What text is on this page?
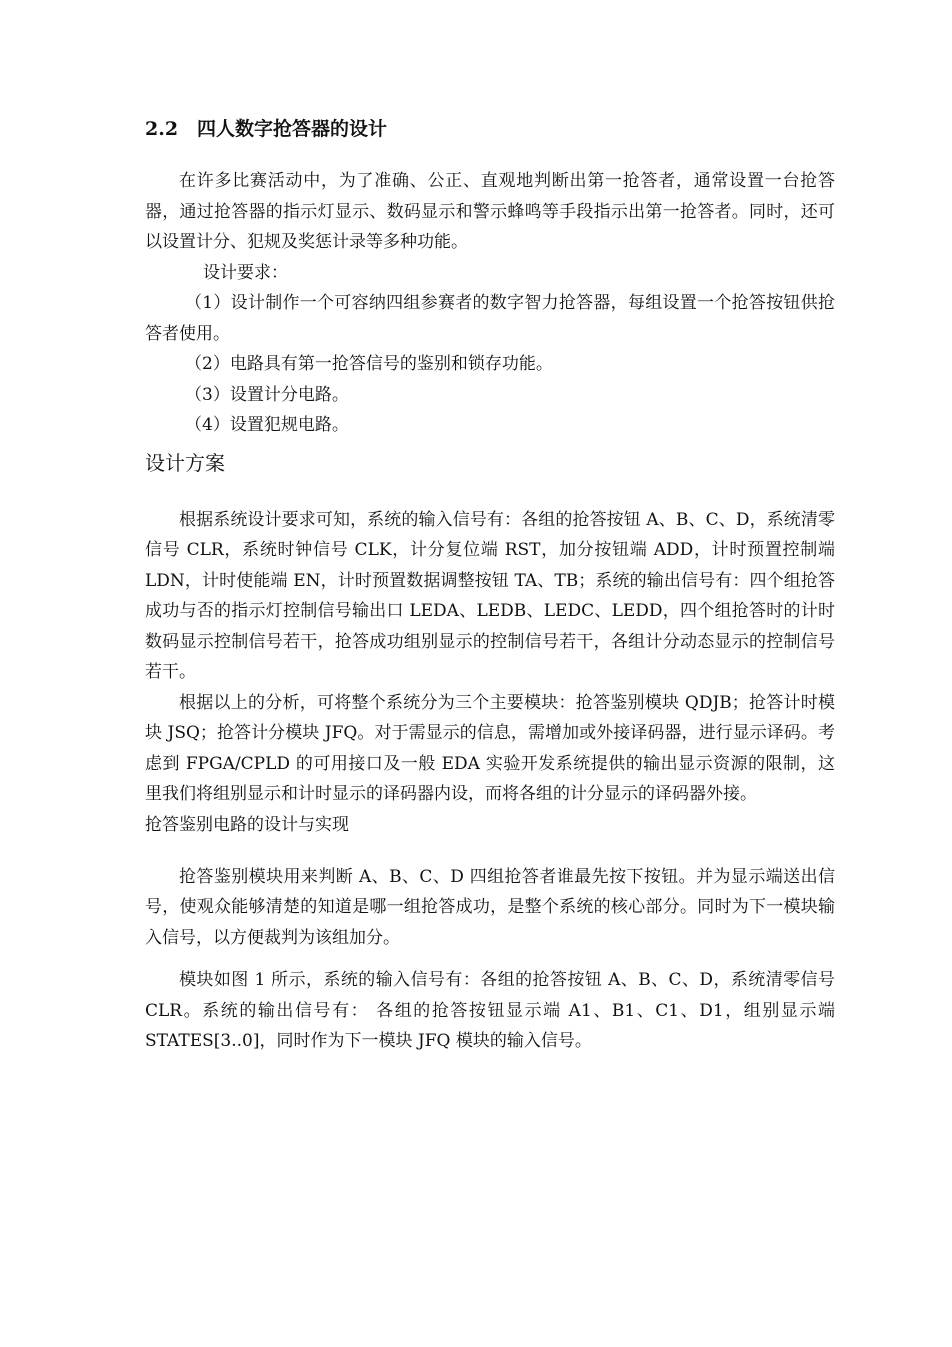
2.2 四人数字抢答器的设计

在许多比赛活动中，为了准确、公正、直观地判断出第一抢答者，通常设置一台抢答器，通过抢答器的指示灯显示、数码显示和警示蜂鸣等手段指示出第一抢答者。同时，还可以设置计分、犯规及奖惩计录等多种功能。

设计要求：

（1）设计制作一个可容纳四组参赛者的数字智力抢答器，每组设置一个抢答按钮供抢答者使用。

（2）电路具有第一抢答信号的鉴别和锁存功能。

（3）设置计分电路。

（4）设置犯规电路。

设计方案

根据系统设计要求可知，系统的输入信号有：各组的抢答按钮 A、B、C、D，系统清零信号 CLR，系统时钟信号 CLK，计分复位端 RST，加分按钮端 ADD，计时预置控制端 LDN，计时使能端 EN，计时预置数据调整按钮 TA、TB；系统的输出信号有：四个组抢答成功与否的指示灯控制信号输出口 LEDA、LEDB、LEDC、LEDD，四个组抢答时的计时数码显示控制信号若干，抢答成功组别显示的控制信号若干，各组计分动态显示的控制信号若干。

根据以上的分析，可将整个系统分为三个主要模块：抢答鉴别模块 QDJB；抢答计时模块 JSQ；抢答计分模块 JFQ。对于需显示的信息，需增加或外接译码器，进行显示译码。考虑到 FPGA/CPLD 的可用接口及一般 EDA 实验开发系统提供的输出显示资源的限制，这里我们将组别显示和计时显示的译码器内设，而将各组的计分显示的译码器外接。

抢答鉴别电路的设计与实现

抢答鉴别模块用来判断 A、B、C、D 四组抢答者谁最先按下按钮。并为显示端送出信号，使观众能够清楚的知道是哪一组抢答成功，是整个系统的核心部分。同时为下一模块输入信号，以方便裁判为该组加分。

模块如图 1 所示，系统的输入信号有：各组的抢答按钮 A、B、C、D，系统清零信号 CLR。系统的输出信号有： 各组的抢答按钮显示端 A1、B1、C1、D1，组别显示端 STATES[3..0]，同时作为下一模块 JFQ 模块的输入信号。
